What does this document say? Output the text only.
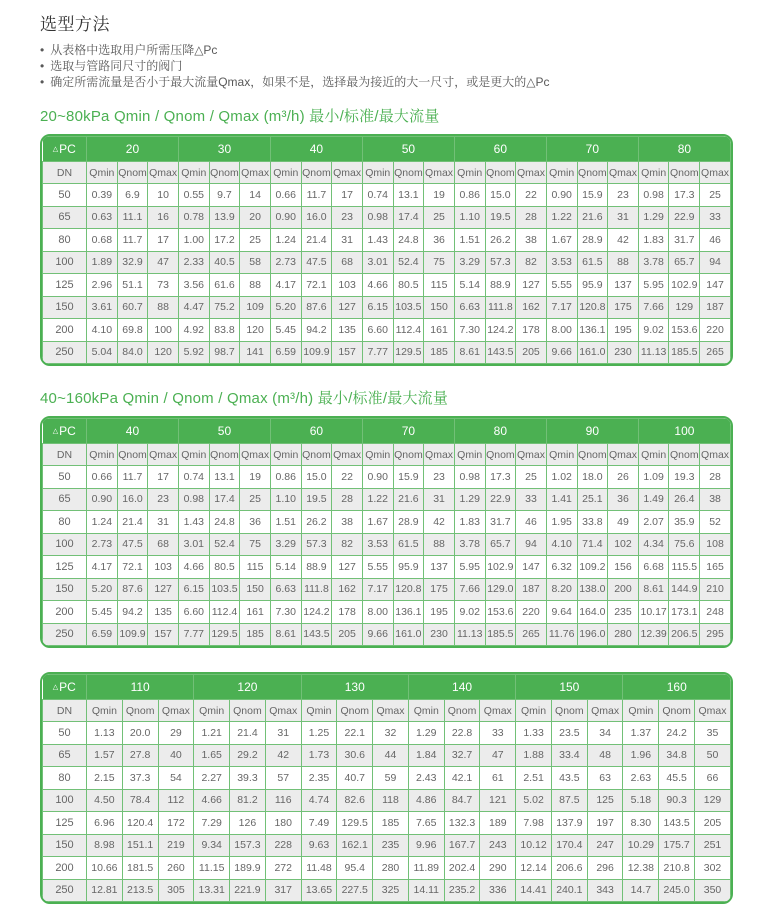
选型方法
• 从表格中选取用户所需压降△Pc
• 选取与管路同尺寸的阀门
• 确定所需流量是否小于最大流量Qmax，如果不是，选择最为接近的大一尺寸，或是更大的△Pc
20~80kPa Qmin / Qnom / Qmax (m³/h) 最小/标准/最大流量
△PC	20			30			40			50			60			70			80		
DN	Qmin	Qnom	Qmax	Qmin	Qnom	Qmax	Qmin	Qnom	Qmax	Qmin	Qnom	Qmax	Qmin	Qnom	Qmax	Qmin	Qnom	Qmax	Qmin	Qnom	Qmax
50	0.39	6.9	10	0.55	9.7	14	0.66	11.7	17	0.74	13.1	19	0.86	15.0	22	0.90	15.9	23	0.98	17.3	25
65	0.63	11.1	16	0.78	13.9	20	0.90	16.0	23	0.98	17.4	25	1.10	19.5	28	1.22	21.6	31	1.29	22.9	33
80	0.68	11.7	17	1.00	17.2	25	1.24	21.4	31	1.43	24.8	36	1.51	26.2	38	1.67	28.9	42	1.83	31.7	46
100	1.89	32.9	47	2.33	40.5	58	2.73	47.5	68	3.01	52.4	75	3.29	57.3	82	3.53	61.5	88	3.78	65.7	94
125	2.96	51.1	73	3.56	61.6	88	4.17	72.1	103	4.66	80.5	115	5.14	88.9	127	5.55	95.9	137	5.95	102.9	147
150	3.61	60.7	88	4.47	75.2	109	5.20	87.6	127	6.15	103.5	150	6.63	111.8	162	7.17	120.8	175	7.66	129	187
200	4.10	69.8	100	4.92	83.8	120	5.45	94.2	135	6.60	112.4	161	7.30	124.2	178	8.00	136.1	195	9.02	153.6	220
250	5.04	84.0	120	5.92	98.7	141	6.59	109.9	157	7.77	129.5	185	8.61	143.5	205	9.66	161.0	230	11.13	185.5	265
40~160kPa Qmin / Qnom / Qmax (m³/h) 最小/标准/最大流量
△PC	40			50			60			70			80			90			100		
DN	Qmin	Qnom	Qmax	Qmin	Qnom	Qmax	Qmin	Qnom	Qmax	Qmin	Qnom	Qmax	Qmin	Qnom	Qmax	Qmin	Qnom	Qmax	Qmin	Qnom	Qmax
50	0.66	11.7	17	0.74	13.1	19	0.86	15.0	22	0.90	15.9	23	0.98	17.3	25	1.02	18.0	26	1.09	19.3	28
65	0.90	16.0	23	0.98	17.4	25	1.10	19.5	28	1.22	21.6	31	1.29	22.9	33	1.41	25.1	36	1.49	26.4	38
80	1.24	21.4	31	1.43	24.8	36	1.51	26.2	38	1.67	28.9	42	1.83	31.7	46	1.95	33.8	49	2.07	35.9	52
100	2.73	47.5	68	3.01	52.4	75	3.29	57.3	82	3.53	61.5	88	3.78	65.7	94	4.10	71.4	102	4.34	75.6	108
125	4.17	72.1	103	4.66	80.5	115	5.14	88.9	127	5.55	95.9	137	5.95	102.9	147	6.32	109.2	156	6.68	115.5	165
150	5.20	87.6	127	6.15	103.5	150	6.63	111.8	162	7.17	120.8	175	7.66	129.0	187	8.20	138.0	200	8.61	144.9	210
200	5.45	94.2	135	6.60	112.4	161	7.30	124.2	178	8.00	136.1	195	9.02	153.6	220	9.64	164.0	235	10.17	173.1	248
250	6.59	109.9	157	7.77	129.5	185	8.61	143.5	205	9.66	161.0	230	11.13	185.5	265	11.76	196.0	280	12.39	206.5	295
△PC	110			120			130			140			150			160		
DN	Qmin	Qnom	Qmax	Qmin	Qnom	Qmax	Qmin	Qnom	Qmax	Qmin	Qnom	Qmax	Qmin	Qnom	Qmax	Qmin	Qnom	Qmax
50	1.13	20.0	29	1.21	21.4	31	1.25	22.1	32	1.29	22.8	33	1.33	23.5	34	1.37	24.2	35
65	1.57	27.8	40	1.65	29.2	42	1.73	30.6	44	1.84	32.7	47	1.88	33.4	48	1.96	34.8	50
80	2.15	37.3	54	2.27	39.3	57	2.35	40.7	59	2.43	42.1	61	2.51	43.5	63	2.63	45.5	66
100	4.50	78.4	112	4.66	81.2	116	4.74	82.6	118	4.86	84.7	121	5.02	87.5	125	5.18	90.3	129
125	6.96	120.4	172	7.29	126	180	7.49	129.5	185	7.65	132.3	189	7.98	137.9	197	8.30	143.5	205
150	8.98	151.1	219	9.34	157.3	228	9.63	162.1	235	9.96	167.7	243	10.12	170.4	247	10.29	175.7	251
200	10.66	181.5	260	11.15	189.9	272	11.48	95.4	280	11.89	202.4	290	12.14	206.6	296	12.38	210.8	302
250	12.81	213.5	305	13.31	221.9	317	13.65	227.5	325	14.11	235.2	336	14.41	240.1	343	14.7	245.0	350
